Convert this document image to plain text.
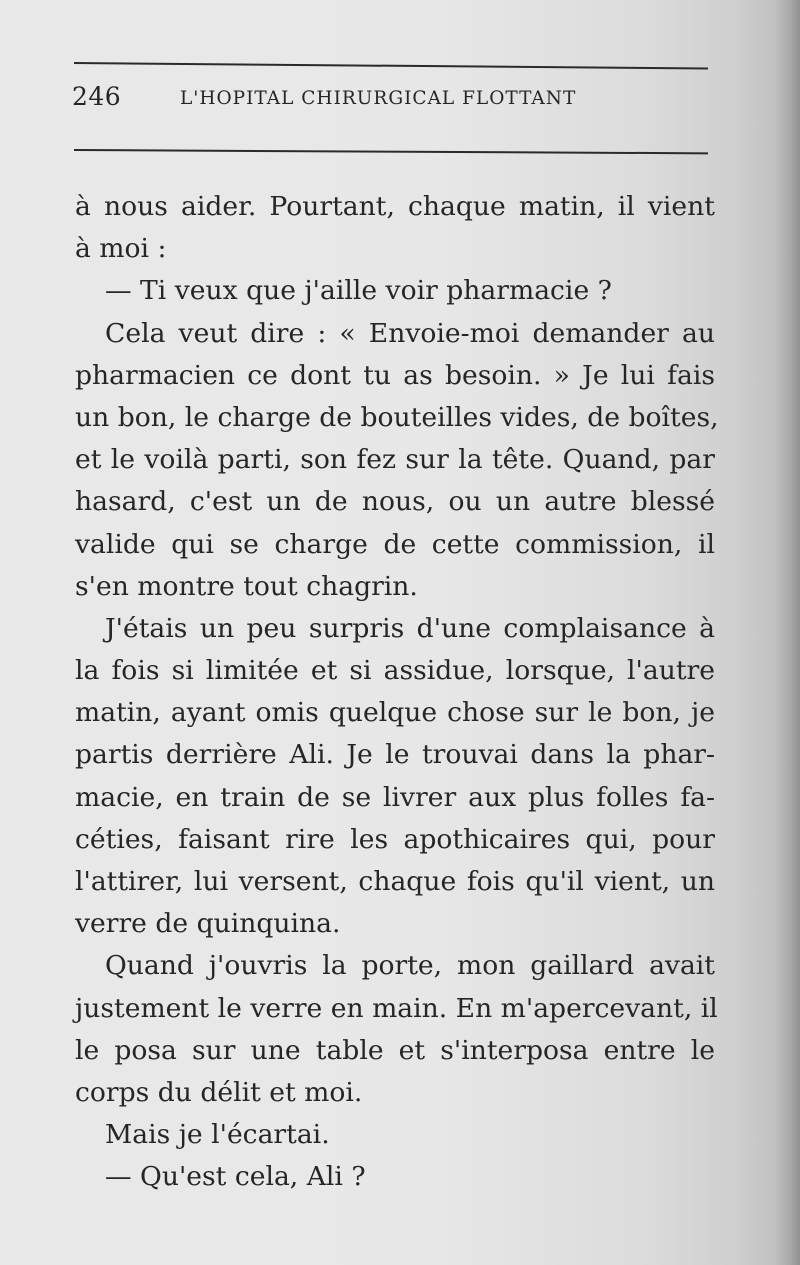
246	L'HOPITAL CHIRURGICAL FLOTTANT
à nous aider. Pourtant, chaque matin, il vient
à moi :
— Ti veux que j'aille voir pharmacie ?
Cela veut dire : « Envoie-moi demander au
pharmacien ce dont tu as besoin. » Je lui fais
un bon, le charge de bouteilles vides, de boîtes,
et le voilà parti, son fez sur la tête. Quand, par
hasard, c'est un de nous, ou un autre blessé
valide qui se charge de cette commission, il
s'en montre tout chagrin.
J'étais un peu surpris d'une complaisance à
la fois si limitée et si assidue, lorsque, l'autre
matin, ayant omis quelque chose sur le bon, je
partis derrière Ali. Je le trouvai dans la phar-
macie, en train de se livrer aux plus folles fa-
céties, faisant rire les apothicaires qui, pour
l'attirer, lui versent, chaque fois qu'il vient, un
verre de quinquina.
Quand j'ouvris la porte, mon gaillard avait
justement le verre en main. En m'apercevant, il
le posa sur une table et s'interposa entre le
corps du délit et moi.
Mais je l'écartai.
— Qu'est cela, Ali ?
